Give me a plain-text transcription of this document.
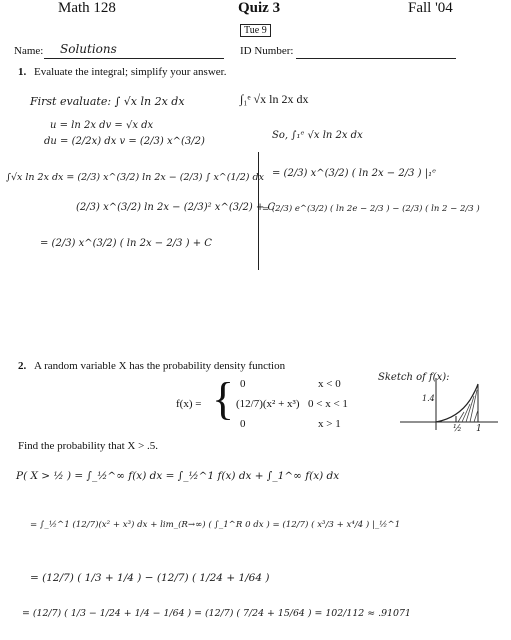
Math 128	Quiz 3	Fall '04
Tue 9
Name: Solutions	ID Number:
1. Evaluate the integral; simplify your answer.
∫₁ᵉ √x ln 2x dx
First evaluate: ∫ √x ln 2x dx
u = ln 2x dv = √x dx
du = (2/2x) dx v = (2/3) x^(3/2)
∫√x ln 2x dx = (2/3) x^(3/2) ln 2x − (2/3) ∫ x^(1/2) dx
(2/3) x^(3/2) ln 2x − (2/3)² x^(3/2) + C
= (2/3) x^(3/2) ( ln 2x − 2/3 ) + C
So, ∫₁ᵉ √x ln 2x dx
= (2/3) x^(3/2) ( ln 2x − 2/3 ) |₁ᵉ
= (2/3) e^(3/2) ( ln 2e − 2/3 ) − (2/3) ( ln 2 − 2/3 )
2. A random variable X has the probability density function
f(x) = { 0	x < 0
(12/7)(x² + x³) 0 < x < 1
0	x > 1
Sketch of f(x):
1.4
½ 1
Find the probability that X > .5.
P( X > ½ ) = ∫_½^∞ f(x) dx = ∫_½^1 f(x) dx + ∫_1^∞ f(x) dx
= ∫_½^1 (12/7)(x² + x³) dx + lim_(R→∞) ( ∫_1^R 0 dx ) = (12/7) ( x³/3 + x⁴/4 ) |_½^1
= (12/7) ( 1/3 + 1/4 ) − (12/7) ( 1/24 + 1/64 )
= (12/7) ( 1/3 − 1/24 + 1/4 − 1/64 ) = (12/7) ( 7/24 + 15/64 ) = 102/112 ≈ .91071
